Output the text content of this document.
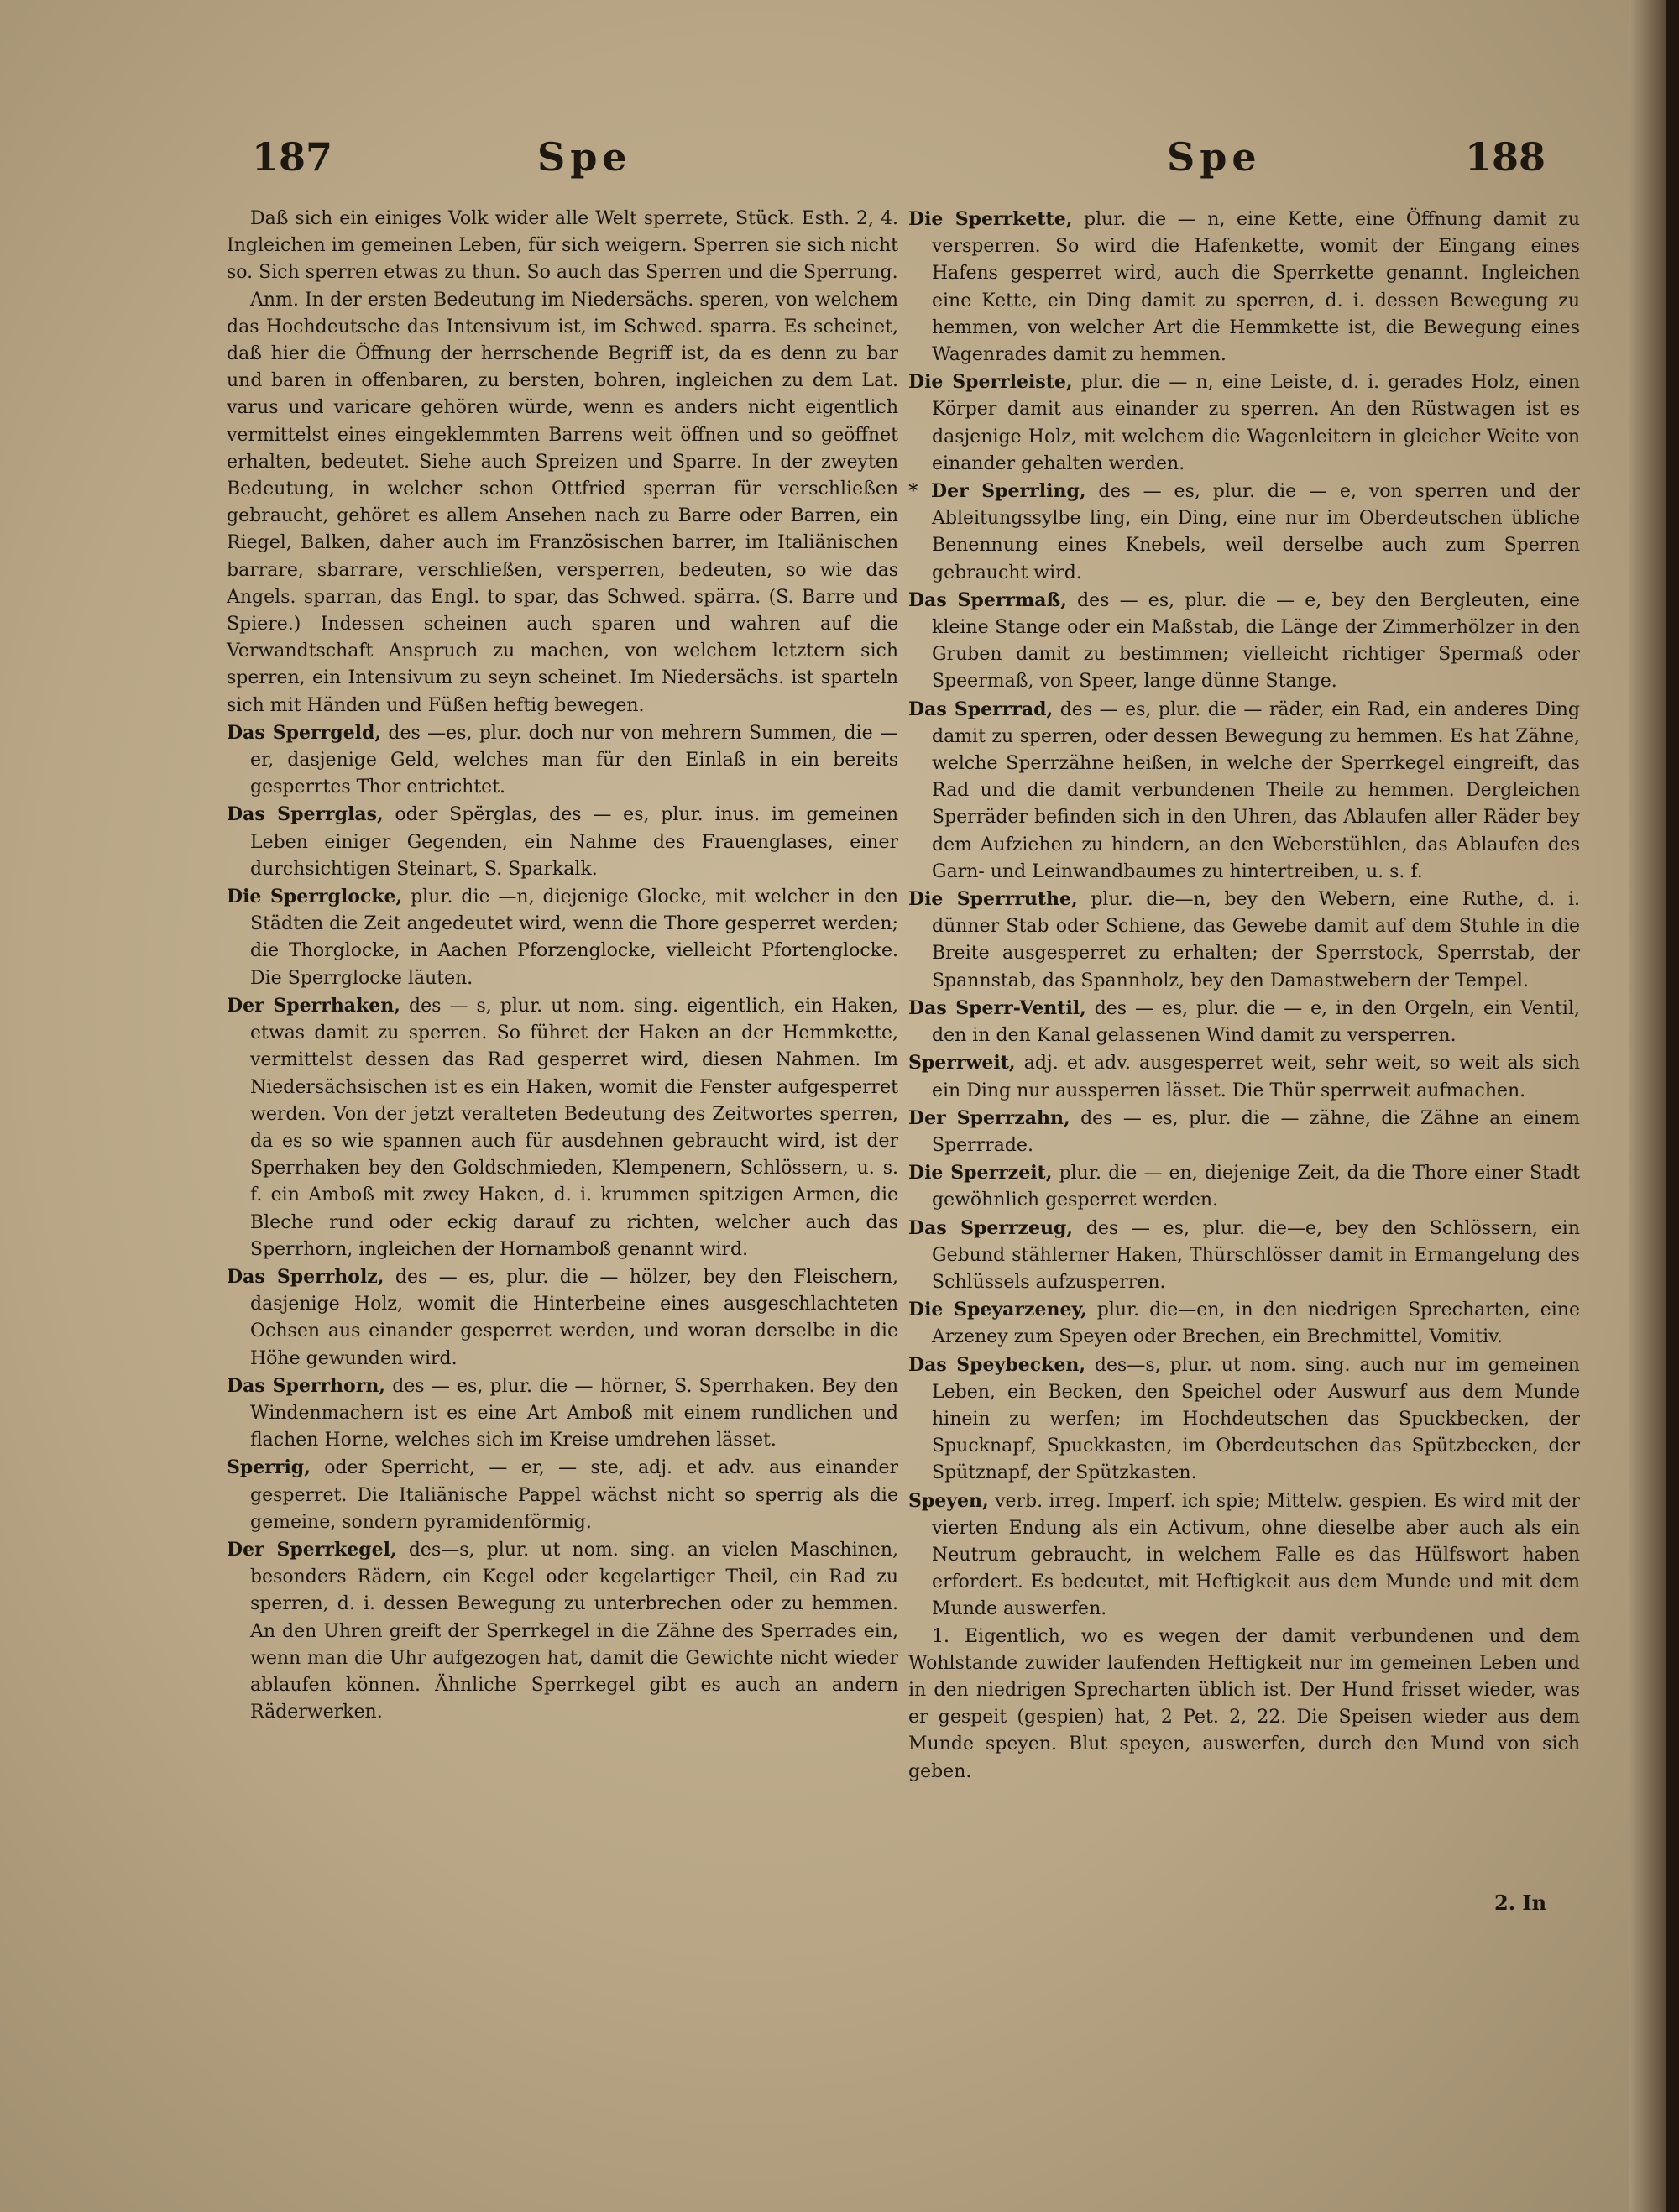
187	Spe	Spe	188

Daß sich ein einiges Volk wider alle Welt sperrete, Stück. Esth. 2, 4. Ingleichen im gemeinen Leben, für sich weigern. Sperren sie sich nicht so. Sich sperren etwas zu thun. So auch das Sperren und die Sperrung.

Anm. In der ersten Bedeutung im Niedersächs. speren, von welchem das Hochdeutsche das Intensivum ist, im Schwed. sparra. Es scheinet, daß hier die Öffnung der herrschende Begriff ist, da es denn zu bar und baren in offenbaren, zu bersten, bohren, ingleichen zu dem Lat. varus und varicare gehören würde, wenn es anders nicht eigentlich vermittelst eines eingeklemmten Barrens weit öffnen und so geöffnet erhalten, bedeutet. Siehe auch Spreizen und Sparre. In der zweyten Bedeutung, in welcher schon Ottfried sperran für verschließen gebraucht, gehöret es allem Ansehen nach zu Barre oder Barren, ein Riegel, Balken, daher auch im Französischen barrer, im Italiänischen barrare, sbarrare, verschließen, versperren, bedeuten, so wie das Angels. sparran, das Engl. to spar, das Schwed. spärra. (S. Barre und Spiere.) Indessen scheinen auch sparen und wahren auf die Verwandtschaft Anspruch zu machen, von welchem letztern sich sperren, ein Intensivum zu seyn scheinet. Im Niedersächs. ist sparteln sich mit Händen und Füßen heftig bewegen.

Das Sperrgeld, des —es, plur. doch nur von mehrern Summen, die —er, dasjenige Geld, welches man für den Einlaß in ein bereits gesperrtes Thor entrichtet.

Das Sperrglas, oder Spërglas, des — es, plur. inus. im gemeinen Leben einiger Gegenden, ein Nahme des Frauenglases, einer durchsichtigen Steinart, S. Sparkalk.

Die Sperrglocke, plur. die —n, diejenige Glocke, mit welcher in den Städten die Zeit angedeutet wird, wenn die Thore gesperret werden; die Thorglocke, in Aachen Pforzenglocke, vielleicht Pfortenglocke. Die Sperrglocke läuten.

Der Sperrhaken, des — s, plur. ut nom. sing. eigentlich, ein Haken, etwas damit zu sperren. So führet der Haken an der Hemmkette, vermittelst dessen das Rad gesperret wird, diesen Nahmen. Im Niedersächsischen ist es ein Haken, womit die Fenster aufgesperret werden. Von der jetzt veralteten Bedeutung des Zeitwortes sperren, da es so wie spannen auch für ausdehnen gebraucht wird, ist der Sperrhaken bey den Goldschmieden, Klempenern, Schlössern, u. s. f. ein Amboß mit zwey Haken, d. i. krummen spitzigen Armen, die Bleche rund oder eckig darauf zu richten, welcher auch das Sperrhorn, ingleichen der Hornamboß genannt wird.

Das Sperrholz, des — es, plur. die — hölzer, bey den Fleischern, dasjenige Holz, womit die Hinterbeine eines ausgeschlachteten Ochsen aus einander gesperret werden, und woran derselbe in die Höhe gewunden wird.

Das Sperrhorn, des — es, plur. die — hörner, S. Sperrhaken. Bey den Windenmachern ist es eine Art Amboß mit einem rundlichen und flachen Horne, welches sich im Kreise umdrehen lässet.

Sperrig, oder Sperricht, — er, — ste, adj. et adv. aus einander gesperret. Die Italiänische Pappel wächst nicht so sperrig als die gemeine, sondern pyramidenförmig.

Der Sperrkegel, des—s, plur. ut nom. sing. an vielen Maschinen, besonders Rädern, ein Kegel oder kegelartiger Theil, ein Rad zu sperren, d. i. dessen Bewegung zu unterbrechen oder zu hemmen. An den Uhren greift der Sperrkegel in die Zähne des Sperrades ein, wenn man die Uhr aufgezogen hat, damit die Gewichte nicht wieder ablaufen können. Ähnliche Sperrkegel gibt es auch an andern Räderwerken.

Die Sperrkette, plur. die — n, eine Kette, eine Öffnung damit zu versperren. So wird die Hafenkette, womit der Eingang eines Hafens gesperret wird, auch die Sperrkette genannt. Ingleichen eine Kette, ein Ding damit zu sperren, d. i. dessen Bewegung zu hemmen, von welcher Art die Hemmkette ist, die Bewegung eines Wagenrades damit zu hemmen.

Die Sperrleiste, plur. die — n, eine Leiste, d. i. gerades Holz, einen Körper damit aus einander zu sperren. An den Rüstwagen ist es dasjenige Holz, mit welchem die Wagenleitern in gleicher Weite von einander gehalten werden.

* Der Sperrling, des — es, plur. die — e, von sperren und der Ableitungssylbe ling, ein Ding, eine nur im Oberdeutschen übliche Benennung eines Knebels, weil derselbe auch zum Sperren gebraucht wird.

Das Sperrmaß, des — es, plur. die — e, bey den Bergleuten, eine kleine Stange oder ein Maßstab, die Länge der Zimmerhölzer in den Gruben damit zu bestimmen; vielleicht richtiger Spermaß oder Speermaß, von Speer, lange dünne Stange.

Das Sperrrad, des — es, plur. die — räder, ein Rad, ein anderes Ding damit zu sperren, oder dessen Bewegung zu hemmen. Es hat Zähne, welche Sperrzähne heißen, in welche der Sperrkegel eingreift, das Rad und die damit verbundenen Theile zu hemmen. Dergleichen Sperräder befinden sich in den Uhren, das Ablaufen aller Räder bey dem Aufziehen zu hindern, an den Weberstühlen, das Ablaufen des Garn- und Leinwandbaumes zu hintertreiben, u. s. f.

Die Sperrruthe, plur. die—n, bey den Webern, eine Ruthe, d. i. dünner Stab oder Schiene, das Gewebe damit auf dem Stuhle in die Breite ausgesperret zu erhalten; der Sperrstock, Sperrstab, der Spannstab, das Spannholz, bey den Damastwebern der Tempel.

Das Sperr-Ventil, des — es, plur. die — e, in den Orgeln, ein Ventil, den in den Kanal gelassenen Wind damit zu versperren.

Sperrweit, adj. et adv. ausgesperret weit, sehr weit, so weit als sich ein Ding nur aussperren lässet. Die Thür sperrweit aufmachen.

Der Sperrzahn, des — es, plur. die — zähne, die Zähne an einem Sperrrade.

Die Sperrzeit, plur. die — en, diejenige Zeit, da die Thore einer Stadt gewöhnlich gesperret werden.

Das Sperrzeug, des — es, plur. die—e, bey den Schlössern, ein Gebund stählerner Haken, Thürschlösser damit in Ermangelung des Schlüssels aufzusperren.

Die Speyarzeney, plur. die—en, in den niedrigen Sprecharten, eine Arzeney zum Speyen oder Brechen, ein Brechmittel, Vomitiv.

Das Speybecken, des—s, plur. ut nom. sing. auch nur im gemeinen Leben, ein Becken, den Speichel oder Auswurf aus dem Munde hinein zu werfen; im Hochdeutschen das Spuckbecken, der Spucknapf, Spuckkasten, im Oberdeutschen das Spützbecken, der Spütznapf, der Spützkasten.

Speyen, verb. irreg. Imperf. ich spie; Mittelw. gespien. Es wird mit der vierten Endung als ein Activum, ohne dieselbe aber auch als ein Neutrum gebraucht, in welchem Falle es das Hülfswort haben erfordert. Es bedeutet, mit Heftigkeit aus dem Munde und mit dem Munde auswerfen.

1. Eigentlich, wo es wegen der damit verbundenen und dem Wohlstande zuwider laufenden Heftigkeit nur im gemeinen Leben und in den niedrigen Sprecharten üblich ist. Der Hund frisset wieder, was er gespeit (gespien) hat, 2 Pet. 2, 22. Die Speisen wieder aus dem Munde speyen. Blut speyen, auswerfen, durch den Mund von sich geben.

2. In
